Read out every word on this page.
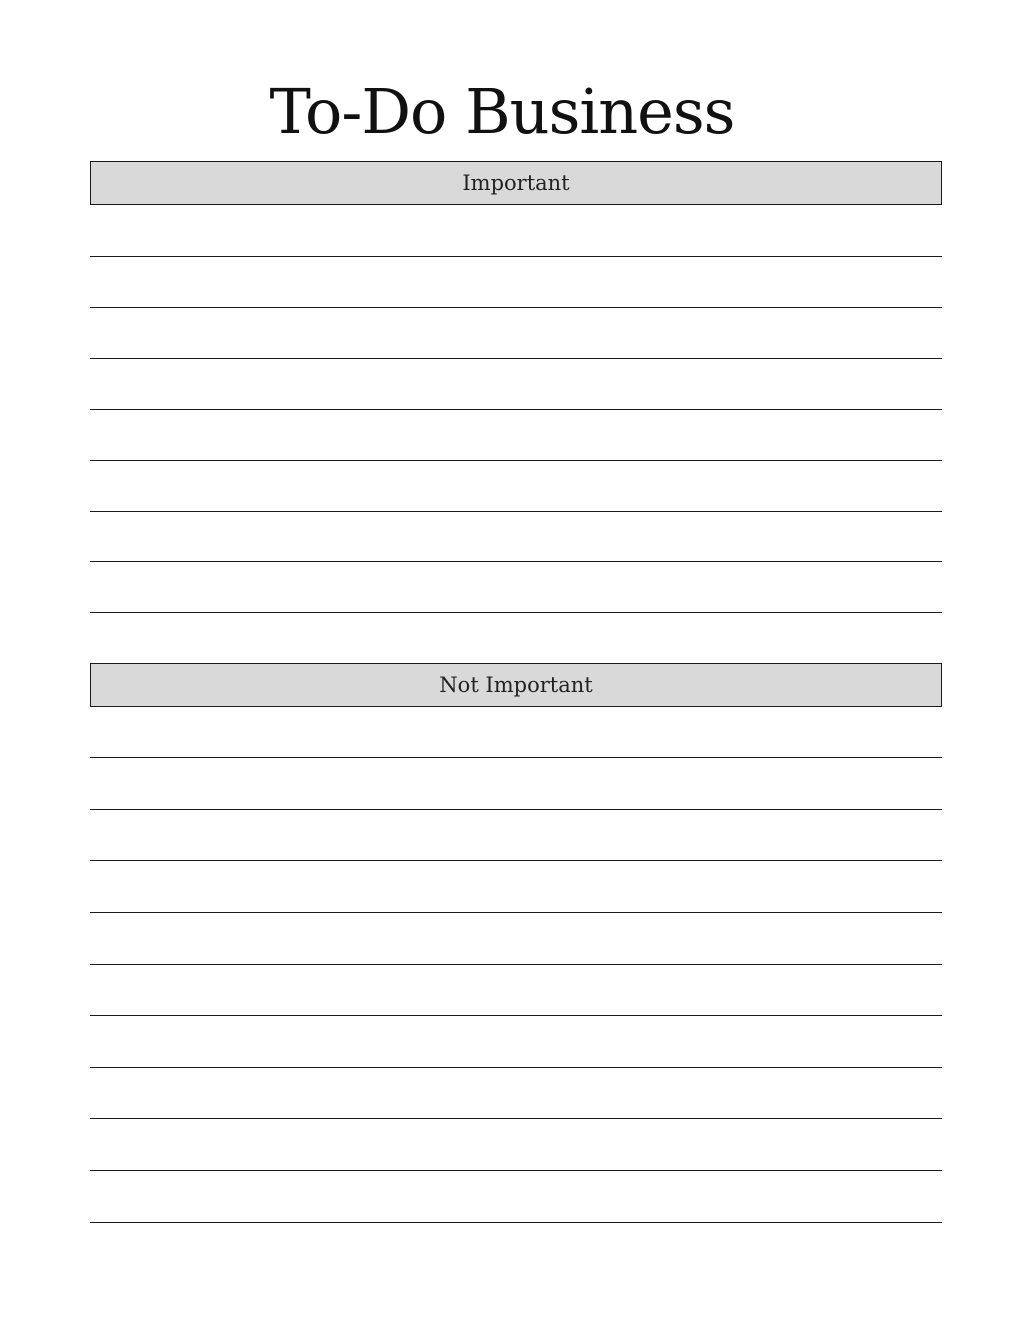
To-Do Business
Important
Not Important
